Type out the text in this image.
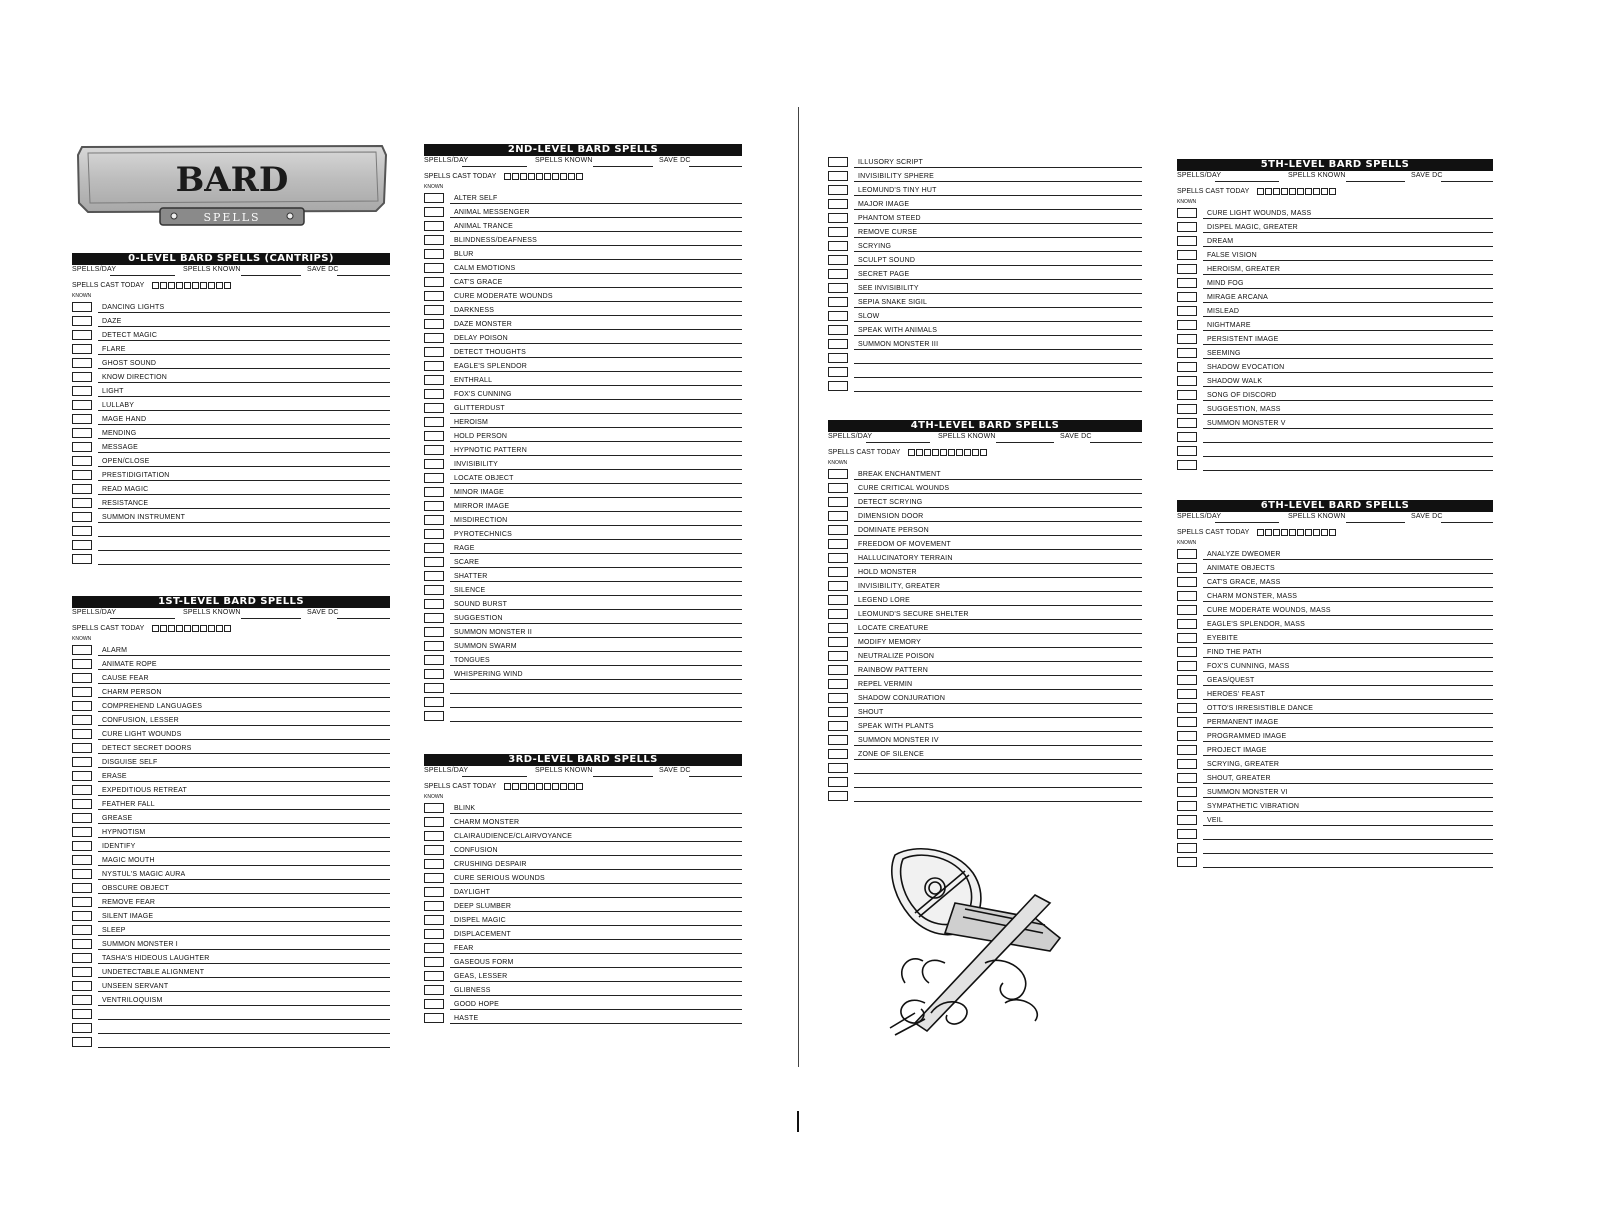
BARD
SPELLS
0-LEVEL BARD SPELLS (CANTRIPS)
SPELLS/DAY	SPELLS KNOWN	SAVE DC
SPELLS CAST TODAY
KNOWN
DANCING LIGHTS
DAZE
DETECT MAGIC
FLARE
GHOST SOUND
KNOW DIRECTION
LIGHT
LULLABY
MAGE HAND
MENDING
MESSAGE
OPEN/CLOSE
PRESTIDIGITATION
READ MAGIC
RESISTANCE
SUMMON INSTRUMENT
1ST-LEVEL BARD SPELLS
SPELLS/DAY	SPELLS KNOWN	SAVE DC
SPELLS CAST TODAY
KNOWN
ALARM
ANIMATE ROPE
CAUSE FEAR
CHARM PERSON
COMPREHEND LANGUAGES
CONFUSION, LESSER
CURE LIGHT WOUNDS
DETECT SECRET DOORS
DISGUISE SELF
ERASE
EXPEDITIOUS RETREAT
FEATHER FALL
GREASE
HYPNOTISM
IDENTIFY
MAGIC MOUTH
NYSTUL'S MAGIC AURA
OBSCURE OBJECT
REMOVE FEAR
SILENT IMAGE
SLEEP
SUMMON MONSTER I
TASHA'S HIDEOUS LAUGHTER
UNDETECTABLE ALIGNMENT
UNSEEN SERVANT
VENTRILOQUISM
2ND-LEVEL BARD SPELLS
SPELLS/DAY	SPELLS KNOWN	SAVE DC
SPELLS CAST TODAY
KNOWN
ALTER SELF
ANIMAL MESSENGER
ANIMAL TRANCE
BLINDNESS/DEAFNESS
BLUR
CALM EMOTIONS
CAT'S GRACE
CURE MODERATE WOUNDS
DARKNESS
DAZE MONSTER
DELAY POISON
DETECT THOUGHTS
EAGLE'S SPLENDOR
ENTHRALL
FOX'S CUNNING
GLITTERDUST
HEROISM
HOLD PERSON
HYPNOTIC PATTERN
INVISIBILITY
LOCATE OBJECT
MINOR IMAGE
MIRROR IMAGE
MISDIRECTION
PYROTECHNICS
RAGE
SCARE
SHATTER
SILENCE
SOUND BURST
SUGGESTION
SUMMON MONSTER II
SUMMON SWARM
TONGUES
WHISPERING WIND
3RD-LEVEL BARD SPELLS
SPELLS/DAY	SPELLS KNOWN	SAVE DC
SPELLS CAST TODAY
KNOWN
BLINK
CHARM MONSTER
CLAIRAUDIENCE/CLAIRVOYANCE
CONFUSION
CRUSHING DESPAIR
CURE SERIOUS WOUNDS
DAYLIGHT
DEEP SLUMBER
DISPEL MAGIC
DISPLACEMENT
FEAR
GASEOUS FORM
GEAS, LESSER
GLIBNESS
GOOD HOPE
HASTE
ILLUSORY SCRIPT
INVISIBILITY SPHERE
LEOMUND'S TINY HUT
MAJOR IMAGE
PHANTOM STEED
REMOVE CURSE
SCRYING
SCULPT SOUND
SECRET PAGE
SEE INVISIBILITY
SEPIA SNAKE SIGIL
SLOW
SPEAK WITH ANIMALS
SUMMON MONSTER III
4TH-LEVEL BARD SPELLS
SPELLS/DAY	SPELLS KNOWN	SAVE DC
SPELLS CAST TODAY
KNOWN
BREAK ENCHANTMENT
CURE CRITICAL WOUNDS
DETECT SCRYING
DIMENSION DOOR
DOMINATE PERSON
FREEDOM OF MOVEMENT
HALLUCINATORY TERRAIN
HOLD MONSTER
INVISIBILITY, GREATER
LEGEND LORE
LEOMUND'S SECURE SHELTER
LOCATE CREATURE
MODIFY MEMORY
NEUTRALIZE POISON
RAINBOW PATTERN
REPEL VERMIN
SHADOW CONJURATION
SHOUT
SPEAK WITH PLANTS
SUMMON MONSTER IV
ZONE OF SILENCE
5TH-LEVEL BARD SPELLS
SPELLS/DAY	SPELLS KNOWN	SAVE DC
SPELLS CAST TODAY
KNOWN
CURE LIGHT WOUNDS, MASS
DISPEL MAGIC, GREATER
DREAM
FALSE VISION
HEROISM, GREATER
MIND FOG
MIRAGE ARCANA
MISLEAD
NIGHTMARE
PERSISTENT IMAGE
SEEMING
SHADOW EVOCATION
SHADOW WALK
SONG OF DISCORD
SUGGESTION, MASS
SUMMON MONSTER V
6TH-LEVEL BARD SPELLS
SPELLS/DAY	SPELLS KNOWN	SAVE DC
SPELLS CAST TODAY
KNOWN
ANALYZE DWEOMER
ANIMATE OBJECTS
CAT'S GRACE, MASS
CHARM MONSTER, MASS
CURE MODERATE WOUNDS, MASS
EAGLE'S SPLENDOR, MASS
EYEBITE
FIND THE PATH
FOX'S CUNNING, MASS
GEAS/QUEST
HEROES' FEAST
OTTO'S IRRESISTIBLE DANCE
PERMANENT IMAGE
PROGRAMMED IMAGE
PROJECT IMAGE
SCRYING, GREATER
SHOUT, GREATER
SUMMON MONSTER VI
SYMPATHETIC VIBRATION
VEIL
